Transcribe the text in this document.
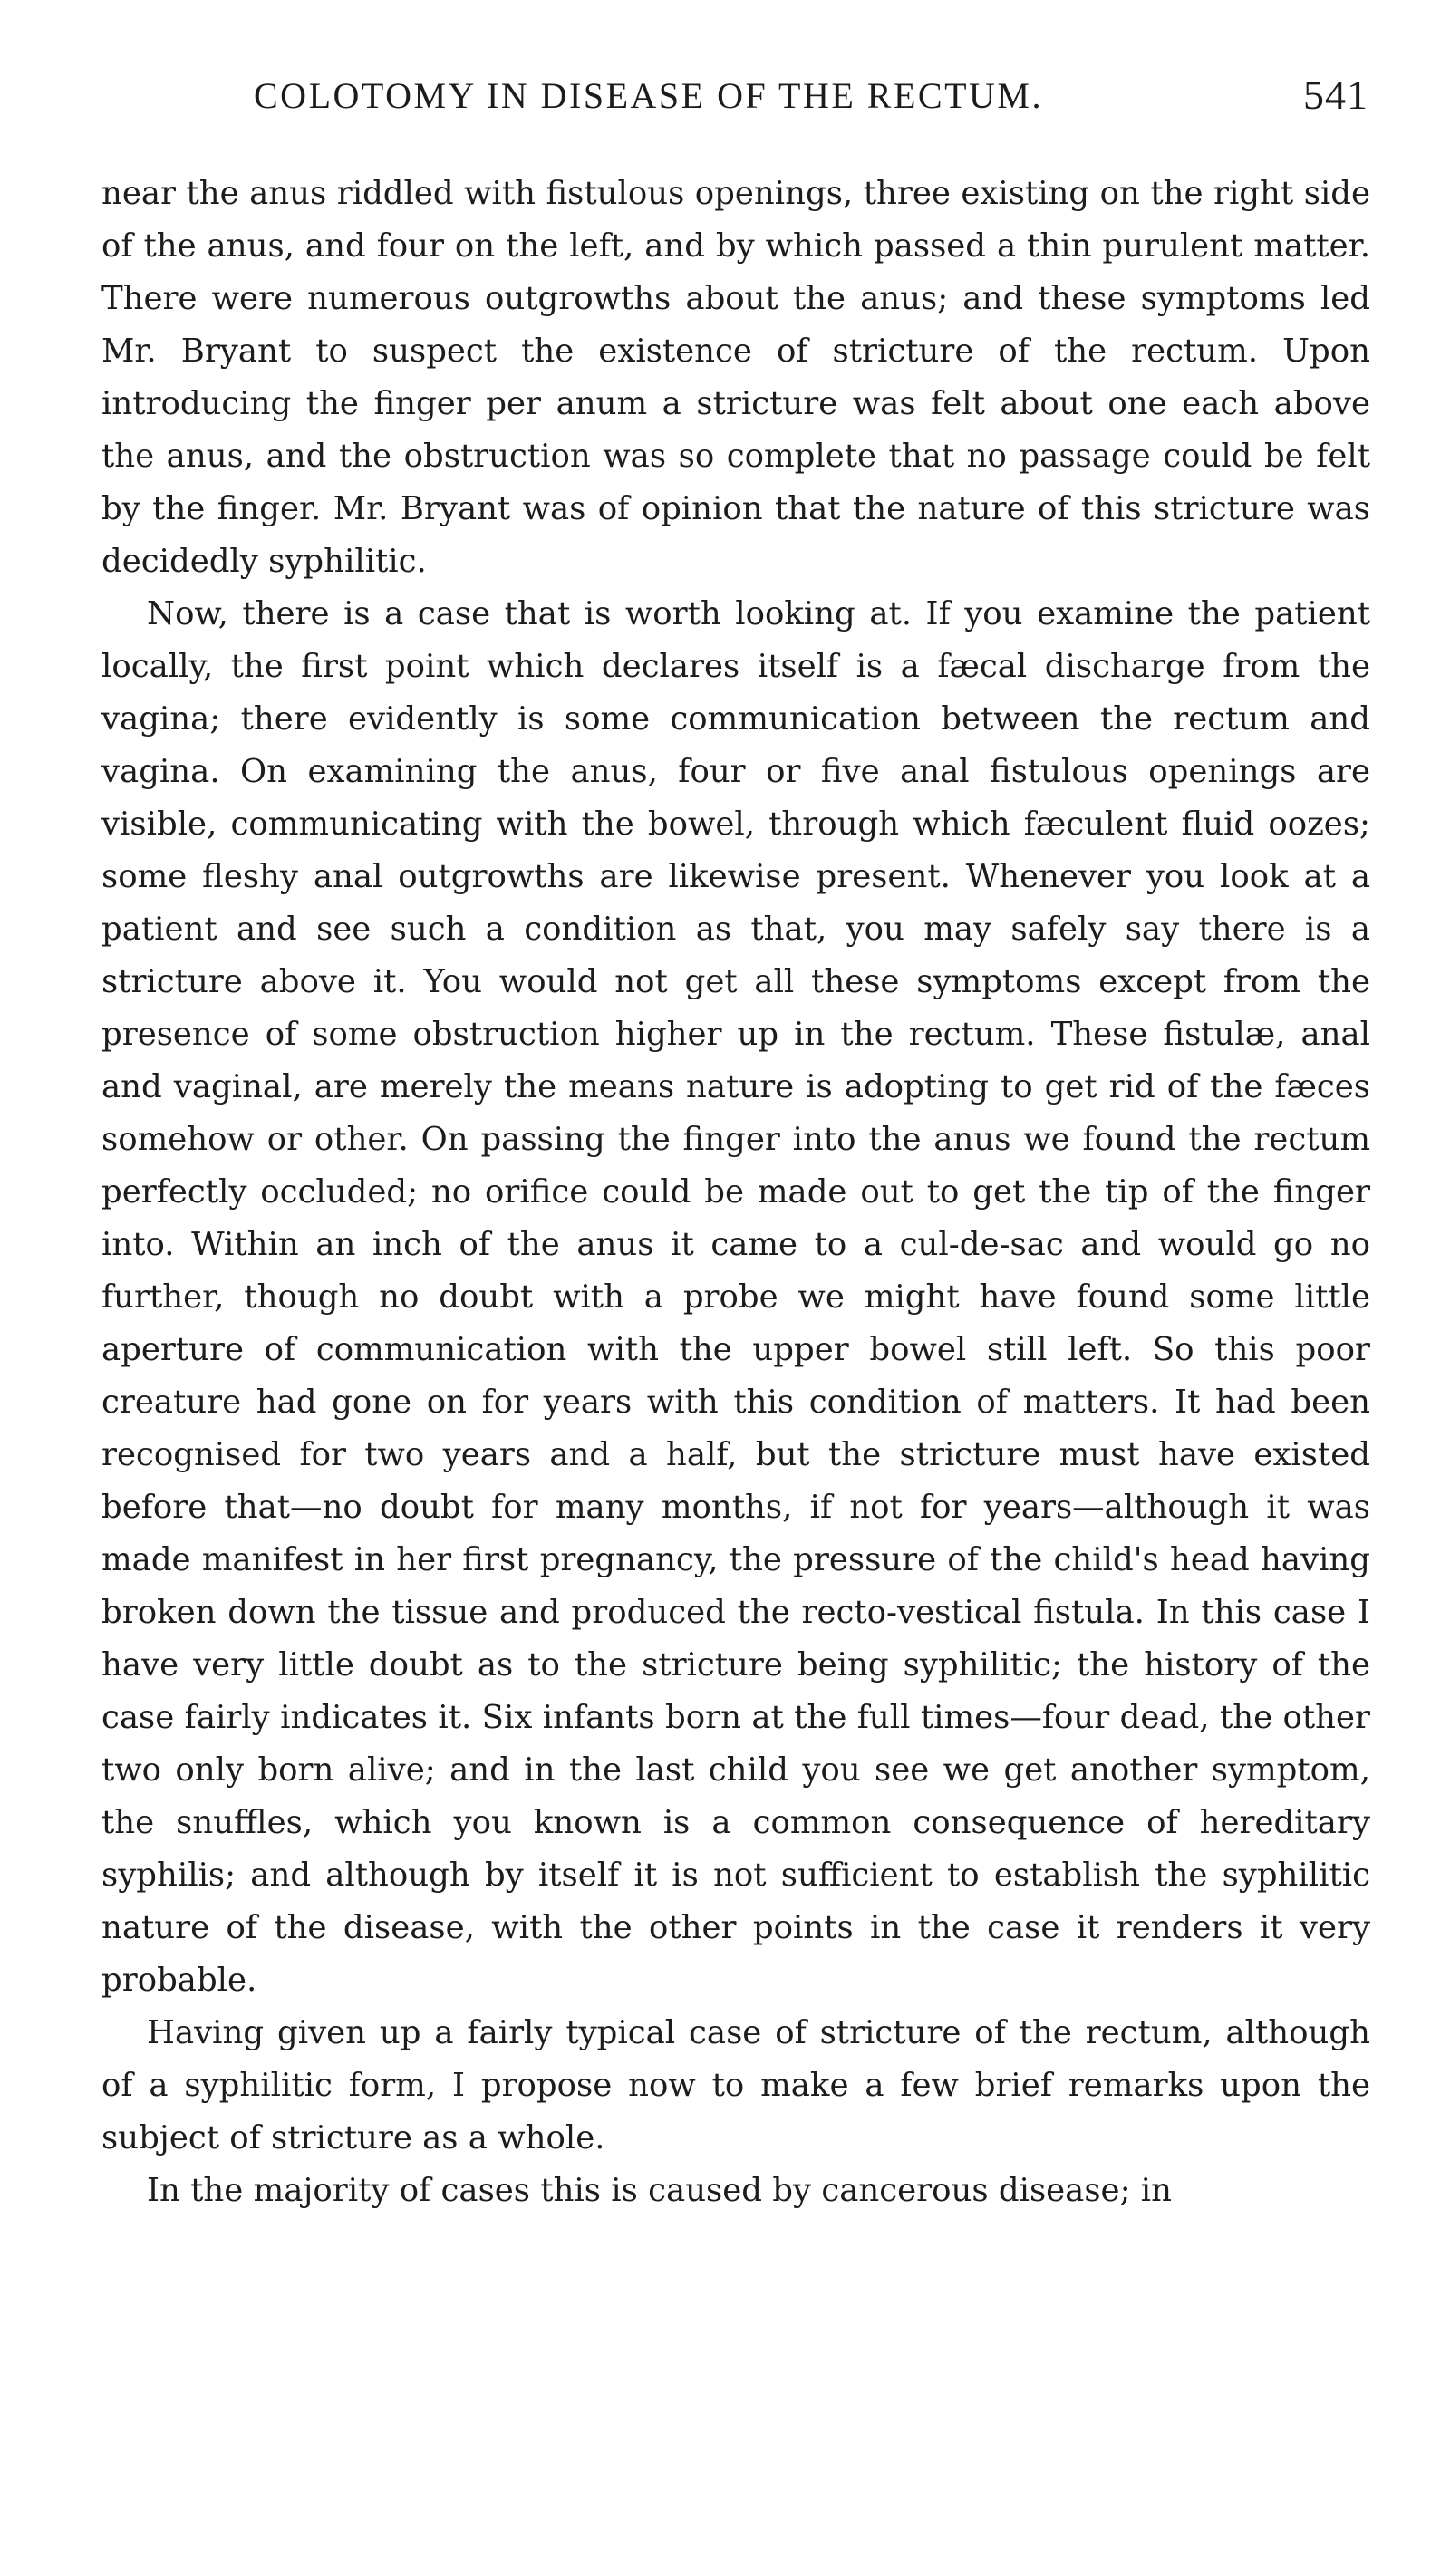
COLOTOMY IN DISEASE OF THE RECTUM.	541

near the anus riddled with fistulous openings, three existing on the right side of the anus, and four on the left, and by which passed a thin purulent matter. There were numerous outgrowths about the anus; and these symptoms led Mr. Bryant to suspect the existence of stricture of the rectum. Upon introducing the finger per anum a stricture was felt about one each above the anus, and the obstruction was so complete that no passage could be felt by the finger. Mr. Bryant was of opinion that the nature of this stricture was decidedly syphilitic.

Now, there is a case that is worth looking at. If you examine the patient locally, the first point which declares itself is a fæcal discharge from the vagina; there evidently is some communication between the rectum and vagina. On examining the anus, four or five anal fistulous openings are visible, communicating with the bowel, through which fæculent fluid oozes; some fleshy anal outgrowths are likewise present. Whenever you look at a patient and see such a condition as that, you may safely say there is a stricture above it. You would not get all these symptoms except from the presence of some obstruction higher up in the rectum. These fistulæ, anal and vaginal, are merely the means nature is adopting to get rid of the fæces somehow or other. On passing the finger into the anus we found the rectum perfectly occluded; no orifice could be made out to get the tip of the finger into. Within an inch of the anus it came to a cul-de-sac and would go no further, though no doubt with a probe we might have found some little aperture of communication with the upper bowel still left. So this poor creature had gone on for years with this condition of matters. It had been recognised for two years and a half, but the stricture must have existed before that—no doubt for many months, if not for years—although it was made manifest in her first pregnancy, the pressure of the child's head having broken down the tissue and produced the recto-vestical fistula. In this case I have very little doubt as to the stricture being syphilitic; the history of the case fairly indicates it. Six infants born at the full times—four dead, the other two only born alive; and in the last child you see we get another symptom, the snuffles, which you known is a common consequence of hereditary syphilis; and although by itself it is not sufficient to establish the syphilitic nature of the disease, with the other points in the case it renders it very probable.

Having given up a fairly typical case of stricture of the rectum, although of a syphilitic form, I propose now to make a few brief remarks upon the subject of stricture as a whole.

In the majority of cases this is caused by cancerous disease; in
